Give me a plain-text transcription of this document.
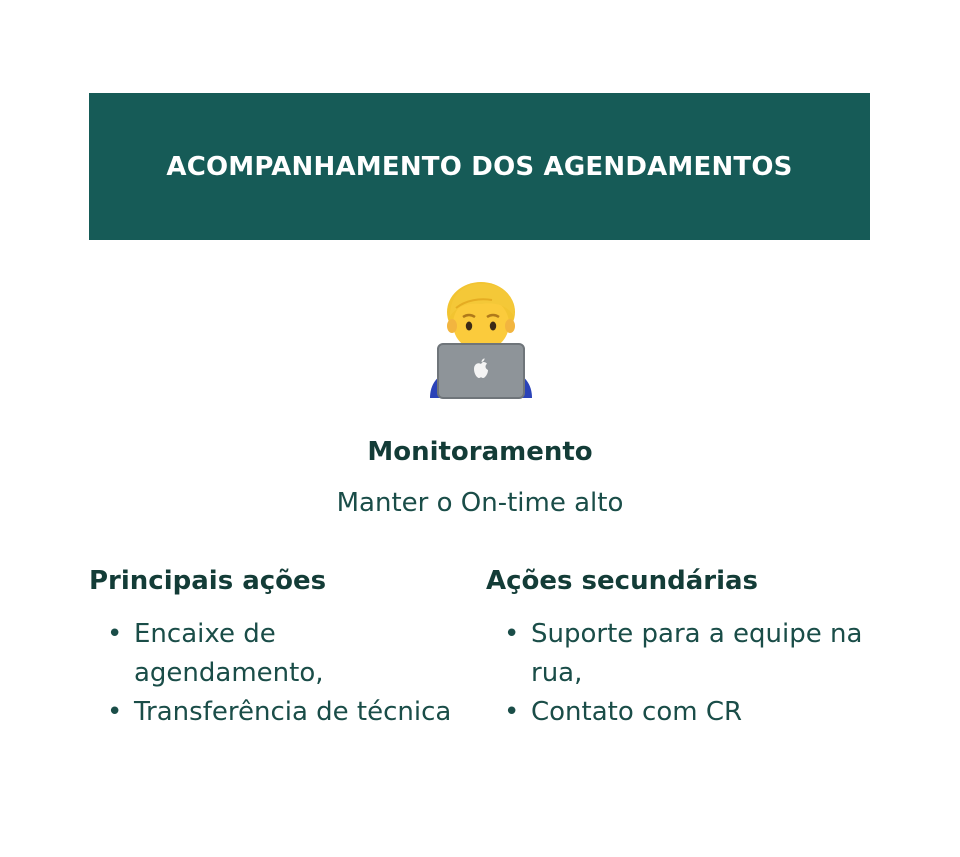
ACOMPANHAMENTO DOS AGENDAMENTOS
Monitoramento
Manter o On-time alto
Principais ações
• Encaixe de agendamento,
• Transferência de técnica
Ações secundárias
• Suporte para a equipe na rua,
• Contato com CR
